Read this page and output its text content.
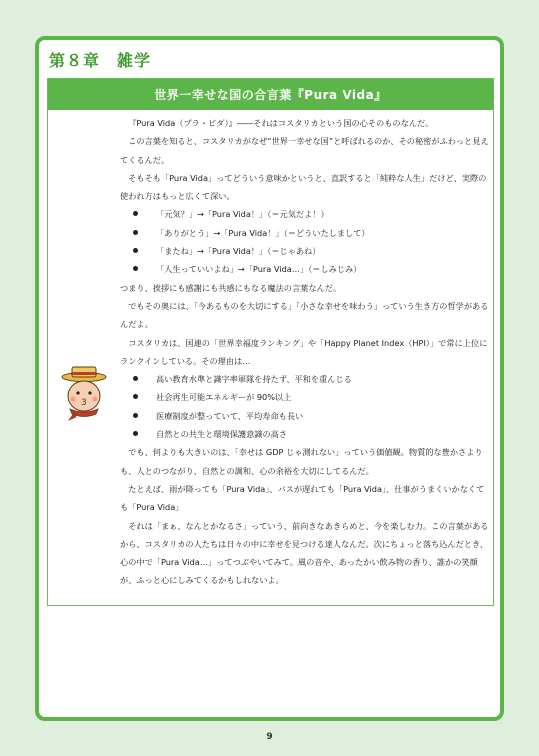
第８章　雑学
世界一幸せな国の合言葉『Pura Vida』
3

『Pura Vida（プラ・ビダ）』――それはコスタリカという国の心そのものなんだ。

この言葉を知ると、コスタリカがなぜ“世界一幸せな国”と呼ばれるのか、その秘密がふわっと見えてくるんだ。

そもそも「Pura Vida」ってどういう意味かというと、直訳すると「純粋な人生」だけど、実際の使われ方はもっと広くて深い。

「元気？」→「Pura Vida！」（＝元気だよ！）
「ありがとう」→「Pura Vida！」（＝どういたしまして）
「またね」→「Pura Vida！」（＝じゃあね）
「人生っていいよね」→「Pura Vida…」（＝しみじみ）

つまり、挨拶にも感謝にも共感にもなる魔法の言葉なんだ。

でもその奥には、「今あるものを大切にする」「小さな幸せを味わう」っていう生き方の哲学があるんだよ。

コスタリカは、国連の「世界幸福度ランキング」や「Happy Planet Index（HPI）」で常に上位にランクインしている。その理由は…

高い教育水準と識字率軍隊を持たず、平和を重んじる
社会再生可能エネルギーが 90%以上
医療制度が整っていて、平均寿命も長い
自然との共生と環境保護意識の高さ

でも、何よりも大きいのは、「幸せは GDP じゃ測れない」っていう価値観。物質的な豊かさよりも、人とのつながり、自然との調和、心の余裕を大切にしてるんだ。

たとえば、雨が降っても「Pura Vida」、バスが遅れても「Pura Vida」、仕事がうまくいかなくても「Pura Vida」

それは「まぁ、なんとかなるさ」っていう、前向きなあきらめと、今を楽しむ力。この言葉があるから、コスタリカの人たちは日々の中に幸せを見つける達人なんだ。次にちょっと落ち込んだとき、心の中で「Pura Vida…」ってつぶやいてみて。風の音や、あったかい飲み物の香り、誰かの笑顔が、ふっと心にしみてくるかもしれないよ。

9
